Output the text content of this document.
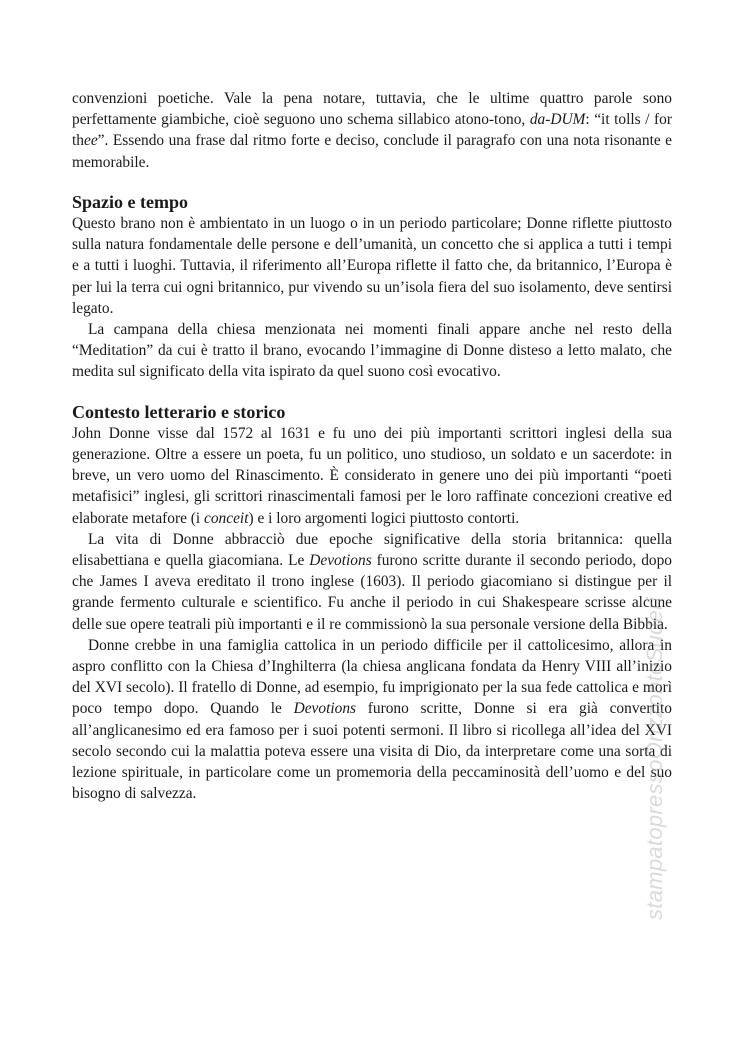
convenzioni poetiche. Vale la pena notare, tuttavia, che le ultime quattro parole sono perfettamente giambiche, cioè seguono uno schema sillabico atono-tono, da-DUM: “it tolls / for thee”. Essendo una frase dal ritmo forte e deciso, conclude il paragrafo con una nota risonante e memorabile.

Spazio e tempo

Questo brano non è ambientato in un luogo o in un periodo particolare; Donne riflette piuttosto sulla natura fondamentale delle persone e dell’umanità, un concetto che si applica a tutti i tempi e a tutti i luoghi. Tuttavia, il riferimento all’Europa riflette il fatto che, da britannico, l’Europa è per lui la terra cui ogni britannico, pur vivendo su un’isola fiera del suo isolamento, deve sentirsi legato.

La campana della chiesa menzionata nei momenti finali appare anche nel resto della “Meditation” da cui è tratto il brano, evocando l’immagine di Donne disteso a letto malato, che medita sul significato della vita ispirato da quel suono così evocativo.

Contesto letterario e storico

John Donne visse dal 1572 al 1631 e fu uno dei più importanti scrittori inglesi della sua generazione. Oltre a essere un poeta, fu un politico, uno studioso, un soldato e un sacerdote: in breve, un vero uomo del Rinascimento. È considerato in genere uno dei più importanti “poeti metafisici” inglesi, gli scrittori rinascimentali famosi per le loro raffinate concezioni creative ed elaborate metafore (i conceit) e i loro argomenti logici piuttosto contorti.

La vita di Donne abbracciò due epoche significative della storia britannica: quella elisabettiana e quella giacomiana. Le Devotions furono scritte durante il secondo periodo, dopo che James I aveva ereditato il trono inglese (1603). Il periodo giacomiano si distingue per il grande fermento culturale e scientifico. Fu anche il periodo in cui Shakespeare scrisse alcune delle sue opere teatrali più importanti e il re commissionò la sua personale versione della Bibbia.

Donne crebbe in una famiglia cattolica in un periodo difficile per il cattolicesimo, allora in aspro conflitto con la Chiesa d’Inghilterra (la chiesa anglicana fondata da Henry VIII all’inizio del XVI secolo). Il fratello di Donne, ad esempio, fu imprigionato per la sua fede cattolica e morì poco tempo dopo. Quando le Devotions furono scritte, Donne si era già convertito all’anglicanesimo ed era famoso per i suoi potenti sermoni. Il libro si ricollega all’idea del XVI secolo secondo cui la malattia poteva essere una visita di Dio, da interpretare come una sorta di lezione spirituale, in particolare come un promemoria della peccaminosità dell’uomo e del suo bisogno di salvezza.	stampatopressoOrizzonteSuderi
